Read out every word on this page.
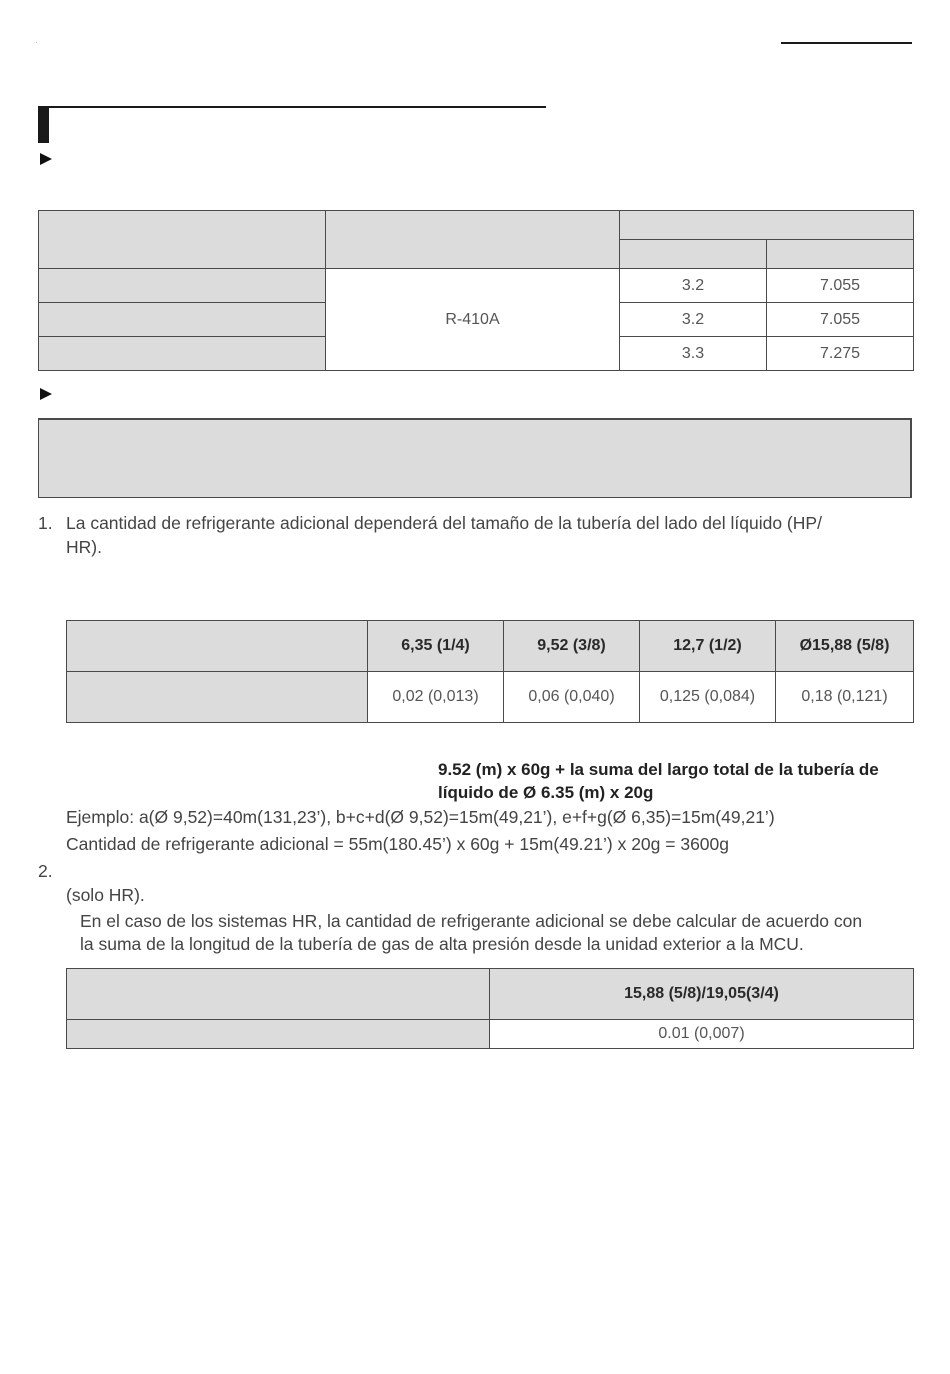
	R-410A	3.2	7.055
		3.2	7.055
		3.3	7.275
1. La cantidad de refrigerante adicional dependerá del tamaño de la tubería del lado del líquido (HP/
HR).
	6,35 (1/4)	9,52 (3/8)	12,7 (1/2)	Ø15,88 (5/8)
	0,02 (0,013)	0,06 (0,040)	0,125 (0,084)	0,18 (0,121)
9.52 (m) x 60g + la suma del largo total de la tubería de
líquido de Ø 6.35 (m) x 20g
Ejemplo: a(Ø 9,52)=40m(131,23’), b+c+d(Ø 9,52)=15m(49,21’), e+f+g(Ø 6,35)=15m(49,21’)
Cantidad de refrigerante adicional = 55m(180.45’) x 60g + 15m(49.21’) x 20g = 3600g
2.
(solo HR).
En el caso de los sistemas HR, la cantidad de refrigerante adicional se debe calcular de acuerdo con
la suma de la longitud de la tubería de gas de alta presión desde la unidad exterior a la MCU.
	15,88 (5/8)/19,05(3/4)
	0.01 (0,007)
